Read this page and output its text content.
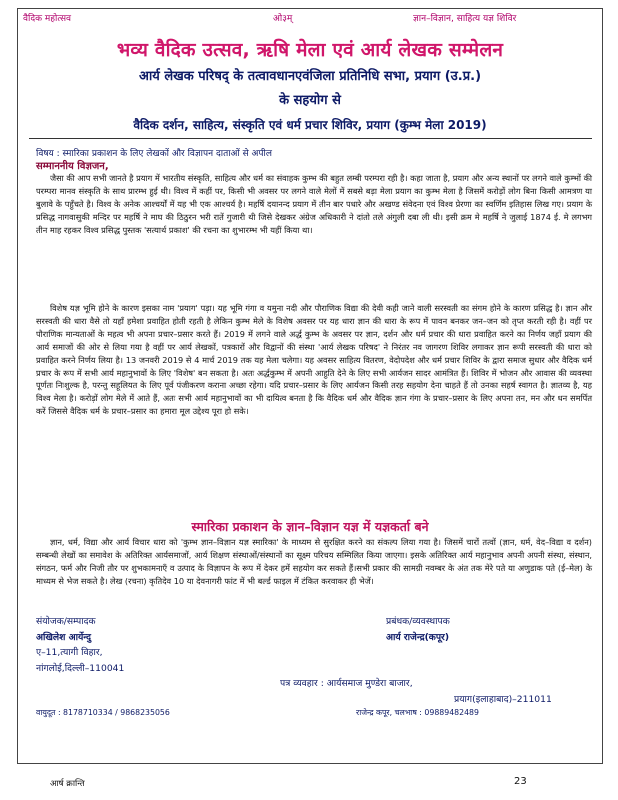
वैदिक महोत्सव	ओ३म्	ज्ञान–विज्ञान, साहित्य यज्ञ शिविर
भव्य वैदिक उत्सव, ऋषि मेला एवं आर्य लेखक सम्मेलन
आर्य लेखक परिषद् के तत्वावधानएवंजिला प्रतिनिधि सभा, प्रयाग (उ.प्र.)
के सहयोग से
वैदिक दर्शन, साहित्य, संस्कृति एवं धर्म प्रचार शिविर, प्रयाग (कुम्भ मेला 2019)
विषय : स्मारिका प्रकाशन के लिए लेखकों और विज्ञापन दाताओं से अपील
सम्माननीय विज्ञजन,
जैसा की आप सभी जानते है प्रयाग में भारतीय संस्कृति, साहित्य और धर्म का संवाहक कुम्भ की बहुत लम्बी परम्परा रही है। कहा जाता है, प्रयाग और अन्य स्थानों पर लगने वाले कुम्भों की परम्परा मानव संस्कृति के साथ प्रारम्भ हुई थी। विश्व में कहीं पर, किसी भी अवसर पर लगने वाले मेलों में सबसे बड़ा मेला प्रयाग का कुम्भ मेला है जिसमें करोड़ों लोग बिना किसी आमत्रण या बुलावे के पहुँचते है। विश्व के अनेक आश्चर्यों में यह भी एक आश्चर्य है। महर्षि दयानन्द प्रयाग में तीन बार पधारे और अखण्ड संवेदना एवं विश्व प्रेरणा का स्वर्णिम इतिहास लिख गए। प्रयाग के प्रसिद्ध नागवासुकी मन्दिर पर महर्षि ने माघ की ठिठुरन भरी रातें गुजारी थी जिसे देखकर अंग्रेज अधिकारी ने दांतो तले अंगुली दबा ली थी। इसी क्रम मे महर्षि ने जुलाई 1874 ई. मे लगभग तीन माह रहकर विश्व प्रसिद्ध पुस्तक 'सत्यार्थ प्रकाश' की रचना का शुभारम्भ भी यहीं किया था।
विशेष यज्ञ भूमि होने के कारण इसका नाम 'प्रयाग' पड़ा। यह भूमि गंगा व यमुना नदी और पौराणिक विद्या की देवी कही जाने वाली सरस्वती का संगम होने के कारण प्रसिद्ध है। ज्ञान और सरस्वती की धारा वैसे तो यहाँ हमेशा प्रवाहित होती रहती है लेकिन कुम्भ मेले के विशेष अवसर पर यह धारा ज्ञान की धारा के रूप में पावन बनकर जन–जन को तृप्त करती रही है। वहीं पर पौराणिक मान्यताओं के महत्व भी अपना प्रचार–प्रसार करते हैं। 2019 में लगने वाले अर्द्ध कुम्भ के अवसर पर ज्ञान, दर्शन और धर्म प्रचार की धारा प्रवाहित करने का निर्णय जहाँ प्रयाग की आर्य समाजों की ओर से लिया गया है वहीं पर आर्य लेखकों, पत्रकारों और विद्वानों की संस्था 'आर्य लेखक परिषद' ने निरंतर नव जागरण शिविर लगाकर ज्ञान रूपी सरस्वती की धारा को प्रवाहित करने निर्णय लिया है। 13 जनवरी 2019 से 4 मार्च 2019 तक यह मेला चलेगा। यह अवसर साहित्य वितरण, वेदोपदेश और धर्म प्रचार शिविर के द्वारा समाज सुधार और वैदिक धर्म प्रचार के रूप में सभी आर्य महानुभावों के लिए 'विशेष' बन सकता है। अतः अर्द्धकुम्भ में अपनी आहुति देने के लिए सभी आर्यजन सादर आमंत्रित हैं। शिविर में भोजन और आवास की व्यवस्था पूर्णतः निःशुल्क है, परन्तु सहूलियत के लिए पूर्व पंजीकरण कराना अच्छा रहेगा। यदि प्रचार–प्रसार के लिए आर्यजन किसी तरह सहयोग देना चाहते हैं तो उनका सहर्ष स्वागत है। ज्ञातव्य है, यह विश्व मेला है। करोड़ों लोग मेले में आते हैं, अतः सभी आर्य महानुभावों का भी दायित्व बनता है कि वैदिक धर्म और वैदिक ज्ञान गंगा के प्रचार–प्रसार के लिए अपना तन, मन और धन समर्पित करें जिससे वैदिक धर्म के प्रचार–प्रसार का हमारा मूल उद्देश्य पूरा हो सके।
स्मारिका प्रकाशन के ज्ञान–विज्ञान यज्ञ में यज्ञकर्ता बने
ज्ञान, धर्म, विद्या और आर्य विचार धारा को 'कुम्भ ज्ञान–विज्ञान यज्ञ स्मारिका' के माध्यम से सुरक्षित करने का संकल्प लिया गया है। जिसमें चारों तत्वों (ज्ञान, धर्म, वेद–विद्या व दर्शन) सम्बन्धी लेखों का समावेश के अतिरिक्त आर्यसमाजों, आर्य शिक्षण संस्थाओं/संस्थानों का सूक्ष्म परिचय सम्मिलित किया जाएगा। इसके अतिरिक्त आर्य महानुभाव अपनी अपनी संस्था, संस्थान, संगठन, फर्म और निजी तौर पर शुभकामनाएँ व उत्पाद के विज्ञापन के रूप में देकर हमें सहयोग कर सकते हैं।सभी प्रकार की सामग्री नवम्बर के अंत तक मेरे पते या अणुडाक पते (ई–मेल) के माध्यम से भेज सकते है। लेख (रचना) कृतिदेव 10 या देवनागरी फांट में भी बर्ल्ड फाइल में टंकित करवाकर ही भेजें।
संयोजक/सम्पादक
अखिलेश आर्येन्दु
ए–11,त्यागी विहार,
नांगलोई,दिल्ली–110041
प्रबंधक/व्यवस्थापक
आर्य राजेन्द्र(कपूर)
पत्र व्यवहार : आर्यसमाज मुण्डेरा बाजार,
प्रयाग(इलाहाबाद)–211011
वायुदूत : 8178710334 / 9868235056	राजेन्द्र कपूर, चलभाष : 09889482489
आर्ष क्रान्ति	23
